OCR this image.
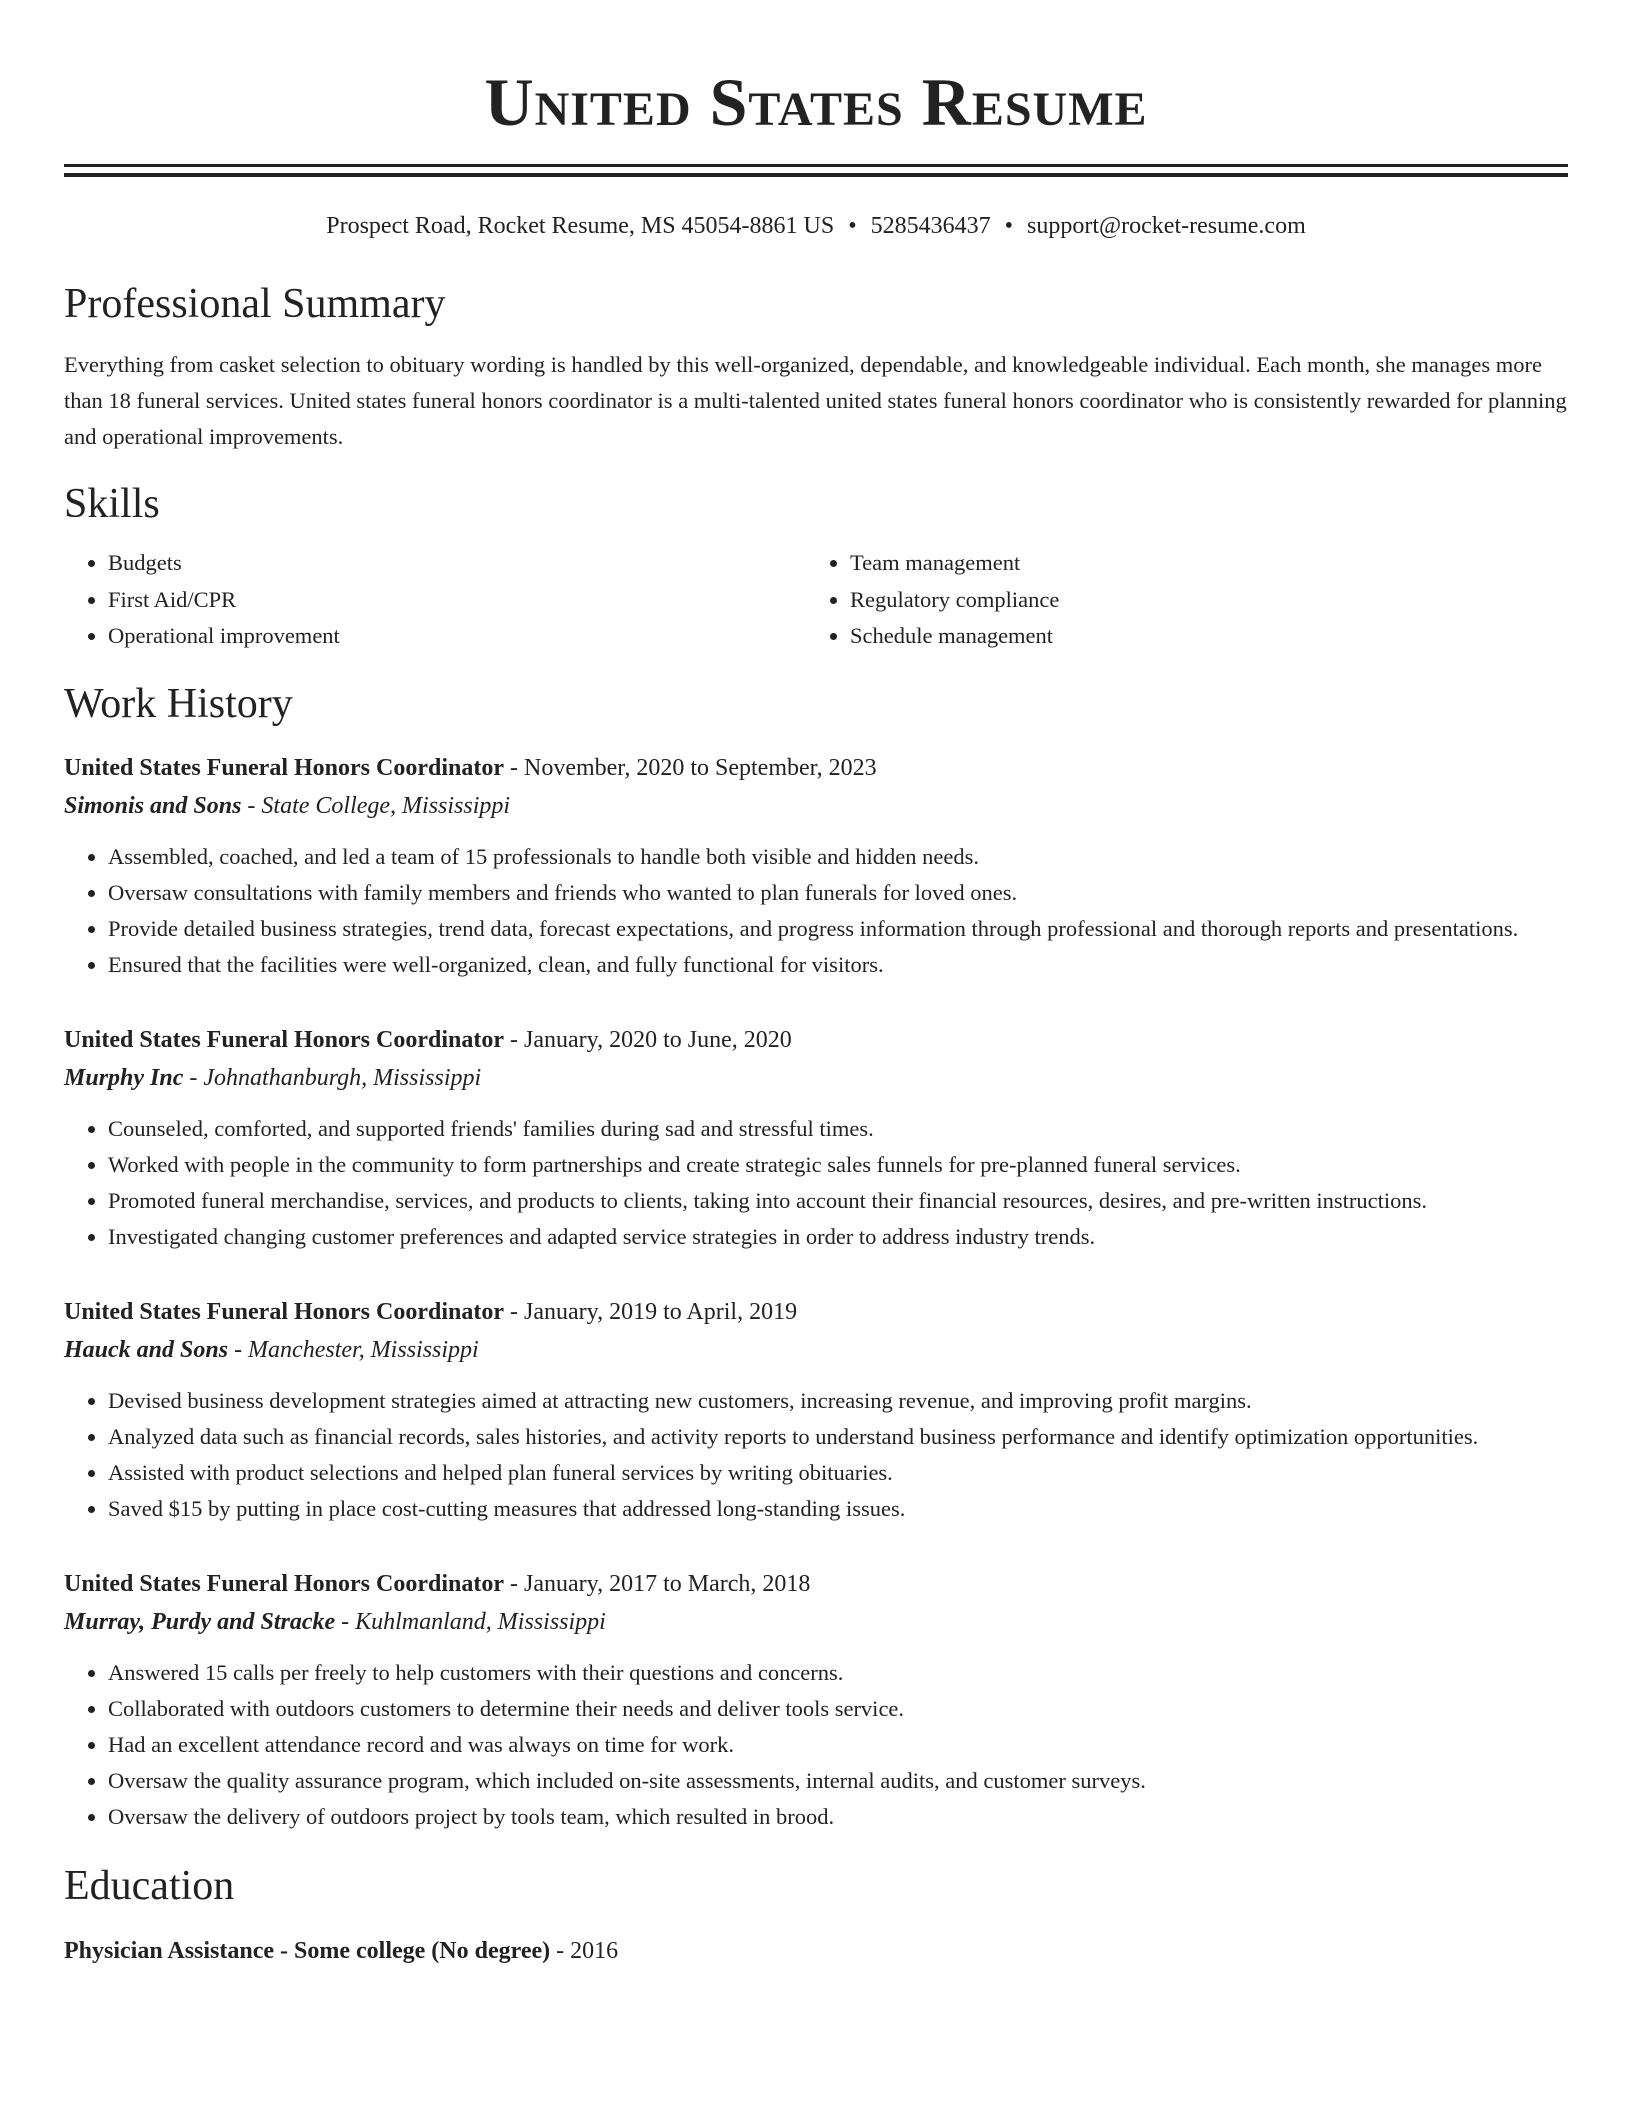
United States Resume
Prospect Road, Rocket Resume, MS 45054-8861 US • 5285436437 • support@rocket-resume.com
Professional Summary
Everything from casket selection to obituary wording is handled by this well-organized, dependable, and knowledgeable individual. Each month, she manages more than 18 funeral services. United states funeral honors coordinator is a multi-talented united states funeral honors coordinator who is consistently rewarded for planning and operational improvements.
Skills
• Budgets
• First Aid/CPR
• Operational improvement
• Team management
• Regulatory compliance
• Schedule management
Work History
United States Funeral Honors Coordinator - November, 2020 to September, 2023
Simonis and Sons - State College, Mississippi
• Assembled, coached, and led a team of 15 professionals to handle both visible and hidden needs.
• Oversaw consultations with family members and friends who wanted to plan funerals for loved ones.
• Provide detailed business strategies, trend data, forecast expectations, and progress information through professional and thorough reports and presentations.
• Ensured that the facilities were well-organized, clean, and fully functional for visitors.
United States Funeral Honors Coordinator - January, 2020 to June, 2020
Murphy Inc - Johnathanburgh, Mississippi
• Counseled, comforted, and supported friends' families during sad and stressful times.
• Worked with people in the community to form partnerships and create strategic sales funnels for pre-planned funeral services.
• Promoted funeral merchandise, services, and products to clients, taking into account their financial resources, desires, and pre-written instructions.
• Investigated changing customer preferences and adapted service strategies in order to address industry trends.
United States Funeral Honors Coordinator - January, 2019 to April, 2019
Hauck and Sons - Manchester, Mississippi
• Devised business development strategies aimed at attracting new customers, increasing revenue, and improving profit margins.
• Analyzed data such as financial records, sales histories, and activity reports to understand business performance and identify optimization opportunities.
• Assisted with product selections and helped plan funeral services by writing obituaries.
• Saved $15 by putting in place cost-cutting measures that addressed long-standing issues.
United States Funeral Honors Coordinator - January, 2017 to March, 2018
Murray, Purdy and Stracke - Kuhlmanland, Mississippi
• Answered 15 calls per freely to help customers with their questions and concerns.
• Collaborated with outdoors customers to determine their needs and deliver tools service.
• Had an excellent attendance record and was always on time for work.
• Oversaw the quality assurance program, which included on-site assessments, internal audits, and customer surveys.
• Oversaw the delivery of outdoors project by tools team, which resulted in brood.
Education
Physician Assistance - Some college (No degree) - 2016
